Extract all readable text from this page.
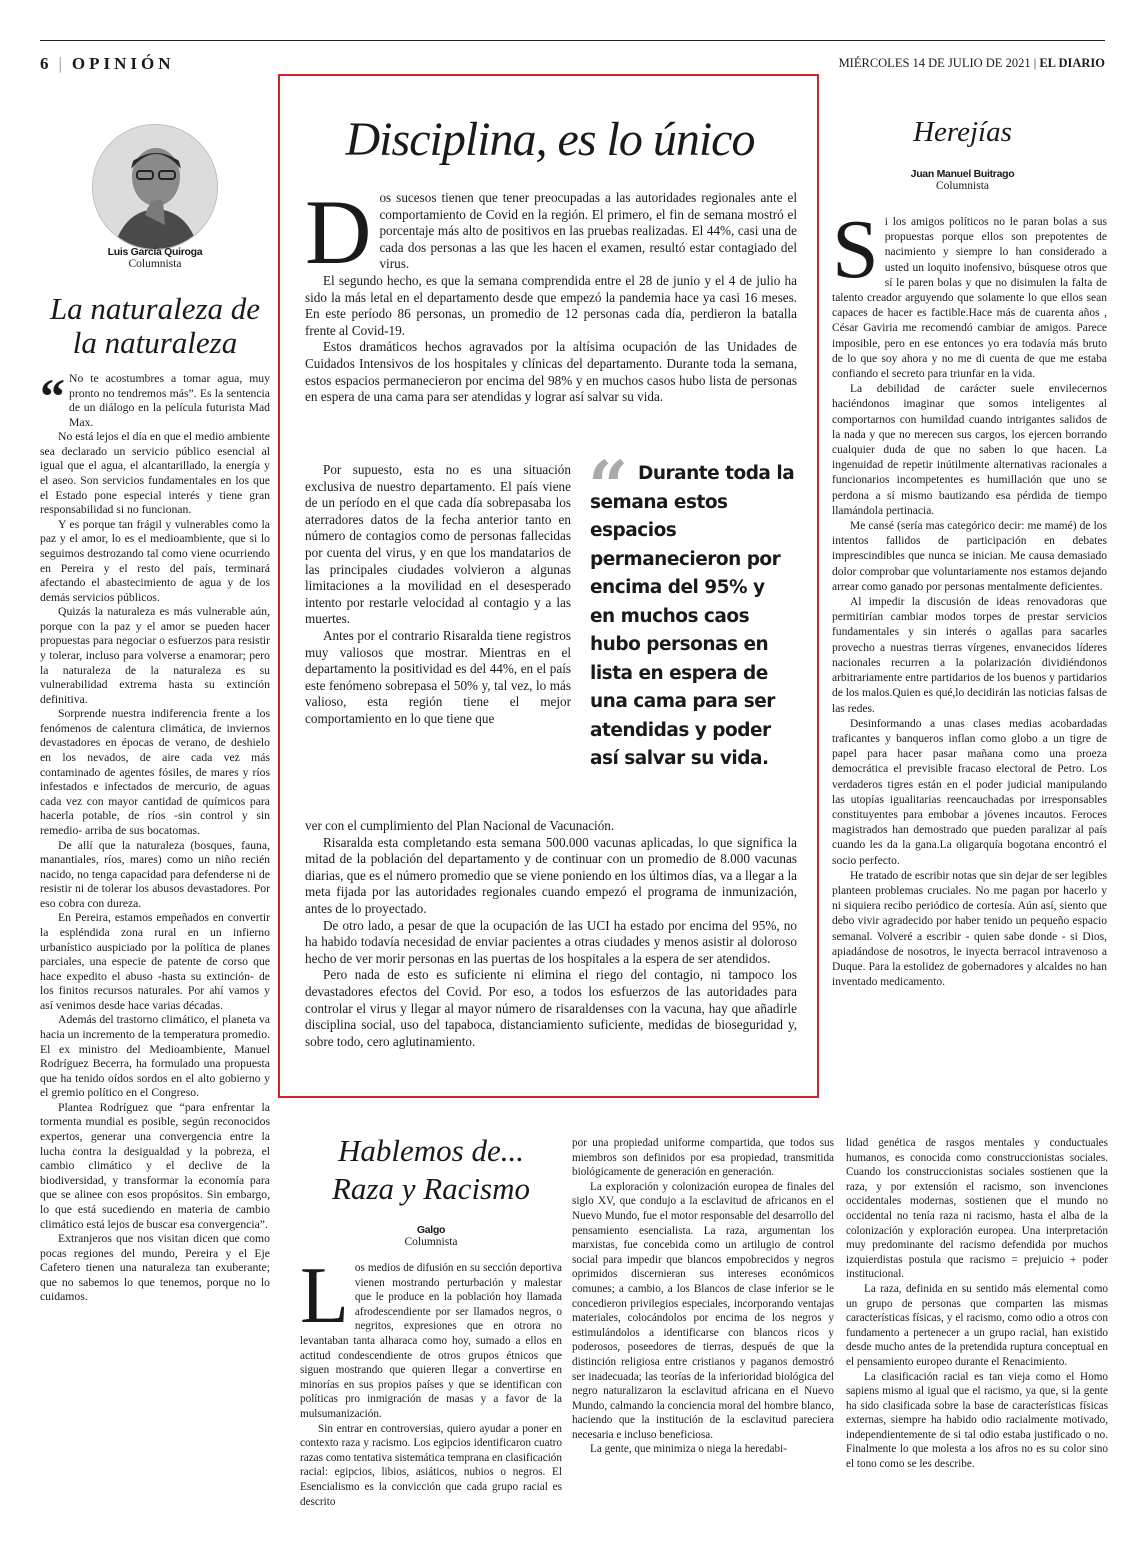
6 | OPINIÓN	MIÉRCOLES 14 DE JULIO DE 2021 | EL DIARIO
Luis García Quiroga
Columnista
La naturaleza de
la naturaleza

“ No te acostumbres a tomar agua, muy pronto no tendremos más”. Es la sentencia de un diálogo en la película futurista Mad Max.

No está lejos el día en que el medio ambiente sea declarado un servicio público esencial al igual que el agua, el alcantarillado, la energía y el aseo. Son servicios fundamentales en los que el Estado pone especial interés y tiene gran responsabilidad si no funcionan.

Y es porque tan frágil y vulnerables como la paz y el amor, lo es el medioambiente, que si lo seguimos destrozando tal como viene ocurriendo en Pereira y el resto del país, terminará afectando el abastecimiento de agua y de los demás servicios públicos.

Quizás la naturaleza es más vulnerable aún, porque con la paz y el amor se pueden hacer propuestas para negociar o esfuerzos para resistir y tolerar, incluso para volverse a enamorar; pero la naturaleza de la naturaleza es su vulnerabilidad extrema hasta su extinción definitiva.

Sorprende nuestra indiferencia frente a los fenómenos de calentura climática, de inviernos devastadores en épocas de verano, de deshielo en los nevados, de aire cada vez más contaminado de agentes fósiles, de mares y ríos infestados e infectados de mercurio, de aguas cada vez con mayor cantidad de químicos para hacerla potable, de ríos -sin control y sin remedio- arriba de sus bocatomas.

De allí que la naturaleza (bosques, fauna, manantiales, ríos, mares) como un niño recién nacido, no tenga capacidad para defenderse ni de resistir ni de tolerar los abusos devastadores. Por eso cobra con dureza.

En Pereira, estamos empeñados en convertir la espléndida zona rural en un infierno urbanístico auspiciado por la política de planes parciales, una especie de patente de corso que hace expedito el abuso -hasta su extinción- de los finitos recursos naturales. Por ahí vamos y así venimos desde hace varias décadas.

Además del trastorno climático, el planeta va hacia un incremento de la temperatura promedio. El ex ministro del Medioambiente, Manuel Rodríguez Becerra, ha formulado una propuesta que ha tenido oídos sordos en el alto gobierno y el gremio político en el Congreso.

Plantea Rodríguez que “para enfrentar la tormenta mundial es posible, según reconocidos expertos, generar una convergencia entre la lucha contra la desigualdad y la pobreza, el cambio climático y el declive de la biodiversidad, y transformar la economía para que se alinee con esos propósitos. Sin embargo, lo que está sucediendo en materia de cambio climático está lejos de buscar esa convergencia”.

Extranjeros que nos visitan dicen que como pocas regiones del mundo, Pereira y el Eje Cafetero tienen una naturaleza tan exuberante; que no sabemos lo que tenemos, porque no lo cuidamos.

Disciplina, es lo único

Dos sucesos tienen que tener preocupadas a las autoridades regionales ante el comportamiento de Covid en la región. El primero, el fin de semana mostró el porcentaje más alto de positivos en las pruebas realizadas. El 44%, casi una de cada dos personas a las que les hacen el examen, resultó estar contagiado del virus.

El segundo hecho, es que la semana comprendida entre el 28 de junio y el 4 de julio ha sido la más letal en el departamento desde que empezó la pandemia hace ya casi 16 meses. En este período 86 personas, un promedio de 12 personas cada día, perdieron la batalla frente al Covid-19.

Estos dramáticos hechos agravados por la altísima ocupación de las Unidades de Cuidados Intensivos de los hospitales y clínicas del departamento. Durante toda la semana, estos espacios permanecieron por encima del 98% y en muchos casos hubo lista de personas en espera de una cama para ser atendidas y lograr así salvar su vida.

Por supuesto, esta no es una situación exclusiva de nuestro departamento. El país viene de un período en el que cada día sobrepasaba los aterradores datos de la fecha anterior tanto en número de contagios como de personas fallecidas por cuenta del virus, y en que los mandatarios de las principales ciudades volvieron a algunas limitaciones a la movilidad en el desesperado intento por restarle velocidad al contagio y a las muertes.

Antes por el contrario Risaralda tiene registros muy valiosos que mostrar. Mientras en el departamento la positividad es del 44%, en el país este fenómeno sobrepasa el 50% y, tal vez, lo más valioso, esta región tiene el mejor comportamiento en lo que tiene que

“ Durante toda la semana estos espacios permanecieron por encima del 95% y en muchos caos hubo personas en lista en espera de una cama para ser atendidas y poder así salvar su vida.

ver con el cumplimiento del Plan Nacional de Vacunación.

Risaralda esta completando esta semana 500.000 vacunas aplicadas, lo que significa la mitad de la población del departamento y de continuar con un promedio de 8.000 vacunas diarias, que es el número promedio que se viene poniendo en los últimos días, va a llegar a la meta fijada por las autoridades regionales cuando empezó el programa de inmunización, antes de lo proyectado.

De otro lado, a pesar de que la ocupación de las UCI ha estado por encima del 95%, no ha habido todavía necesidad de enviar pacientes a otras ciudades y menos asistir al doloroso hecho de ver morir personas en las puertas de los hospitales a la espera de ser atendidos.

Pero nada de esto es suficiente ni elimina el riego del contagio, ni tampoco los devastadores efectos del Covid. Por eso, a todos los esfuerzos de las autoridades para controlar el virus y llegar al mayor número de risaraldenses con la vacuna, hay que añadirle disciplina social, uso del tapaboca, distanciamiento suficiente, medidas de bioseguridad y, sobre todo, cero aglutinamiento.

Herejías
Juan Manuel Buitrago
Columnista

Si los amigos políticos no le paran bolas a sus propuestas porque ellos son prepotentes de nacimiento y siempre lo han considerado a usted un loquito inofensivo, búsquese otros que sí le paren bolas y que no disimulen la falta de talento creador arguyendo que solamente lo que ellos sean capaces de hacer es factible.Hace más de cuarenta años , César Gaviria me recomendó cambiar de amigos. Parece imposible, pero en ese entonces yo era todavía más bruto de lo que soy ahora y no me di cuenta de que me estaba confiando el secreto para triunfar en la vida.

La debilidad de carácter suele envilecernos haciéndonos imaginar que somos inteligentes al comportarnos con humildad cuando intrigantes salidos de la nada y que no merecen sus cargos, los ejercen borrando cualquier duda de que no saben lo que hacen. La ingenuidad de repetir inútilmente alternativas racionales a funcionarios incompetentes es humillación que uno se perdona a sí mismo bautizando esa pérdida de tiempo llamándola pertinacia.

Me cansé (sería mas categórico decir: me mamé) de los intentos fallidos de participación en debates imprescindibles que nunca se inician. Me causa demasiado dolor comprobar que voluntariamente nos estamos dejando arrear como ganado por personas mentalmente deficientes.

Al impedir la discusión de ideas renovadoras que permitirían cambiar modos torpes de prestar servicios fundamentales y sin interés o agallas para sacarles provecho a nuestras tierras vírgenes, envanecidos líderes nacionales recurren a la polarización dividiéndonos arbitrariamente entre partidarios de los buenos y partidarios de los malos.Quien es qué,lo decidirán las noticias falsas de las redes.

Desinformando a unas clases medias acobardadas traficantes y banqueros inflan como globo a un tigre de papel para hacer pasar mañana como una proeza democrática el previsible fracaso electoral de Petro. Los verdaderos tigres están en el poder judicial manipulando las utopías igualitarias reencauchadas por irresponsables constituyentes para embobar a jóvenes incautos. Feroces magistrados han demostrado que pueden paralizar al país cuando les da la gana.La oligarquía bogotana encontró el socio perfecto.

He tratado de escribir notas que sin dejar de ser legibles planteen problemas cruciales. No me pagan por hacerlo y ni siquiera recibo periódico de cortesía. Aún así, siento que debo vivir agradecido por haber tenido un pequeño espacio semanal. Volveré a escribir - quien sabe donde - si Dios, apiadándose de nosotros, le inyecta berracol intravenoso a Duque. Para la estolidez de gobernadores y alcaldes no han inventado medicamento.

Hablemos de...
Raza y Racismo
Galgo
Columnista

Los medios de difusión en su sección deportiva vienen mostrando perturbación y malestar que le produce en la población hoy llamada afrodescendiente por ser llamados negros, o negritos, expresiones que en otrora no levantaban tanta alharaca como hoy, sumado a ellos en actitud condescendiente de otros grupos étnicos que siguen mostrando que quieren llegar a convertirse en minorías en sus propios países y que se identifican con políticas pro inmigración de masas y a favor de la mulsumanización.

Sin entrar en controversias, quiero ayudar a poner en contexto raza y racismo. Los egipcios identificaron cuatro razas como tentativa sistemática temprana en clasificación racial: egipcios, libios, asiáticos, nubios o negros. El Esencialismo es la convicción que cada grupo racial es descrito

por una propiedad uniforme compartida, que todos sus miembros son definidos por esa propiedad, transmitida biológicamente de generación en generación.

La exploración y colonización europea de finales del siglo XV, que condujo a la esclavitud de africanos en el Nuevo Mundo, fue el motor responsable del desarrollo del pensamiento esencialista. La raza, argumentan los marxistas, fue concebida como un artilugio de control social para impedir que blancos empobrecidos y negros oprimidos discernieran sus intereses económicos comunes; a cambio, a los Blancos de clase inferior se le concedieron privilegios especiales, incorporando ventajas materiales, colocándolos por encima de los negros y estimulándolos a identificarse con blancos ricos y poderosos, poseedores de tierras, después de que la distinción religiosa entre cristianos y paganos demostró ser inadecuada; las teorías de la inferioridad biológica del negro naturalizaron la esclavitud africana en el Nuevo Mundo, calmando la conciencia moral del hombre blanco, haciendo que la institución de la esclavitud pareciera necesaria e incluso beneficiosa.

La gente, que minimiza o niega la heredabi-

lidad genética de rasgos mentales y conductuales humanos, es conocida como construccionistas sociales. Cuando los construccionistas sociales sostienen que la raza, y por extensión el racismo, son invenciones occidentales modernas, sostienen que el mundo no occidental no tenía raza ni racismo, hasta el alba de la colonización y exploración europea. Una interpretación muy predominante del racismo defendida por muchos izquierdistas postula que racismo = prejuicio + poder institucional.

La raza, definida en su sentido más elemental como un grupo de personas que comparten las mismas características físicas, y el racismo, como odio a otros con fundamento a pertenecer a un grupo racial, han existido desde mucho antes de la pretendida ruptura conceptual en el pensamiento europeo durante el Renacimiento.

La clasificación racial es tan vieja como el Homo sapiens mismo al igual que el racismo, ya que, si la gente ha sido clasificada sobre la base de características físicas externas, siempre ha habido odio racialmente motivado, independientemente de si tal odio estaba justificado o no. Finalmente lo que molesta a los afros no es su color sino el tono como se les describe.
